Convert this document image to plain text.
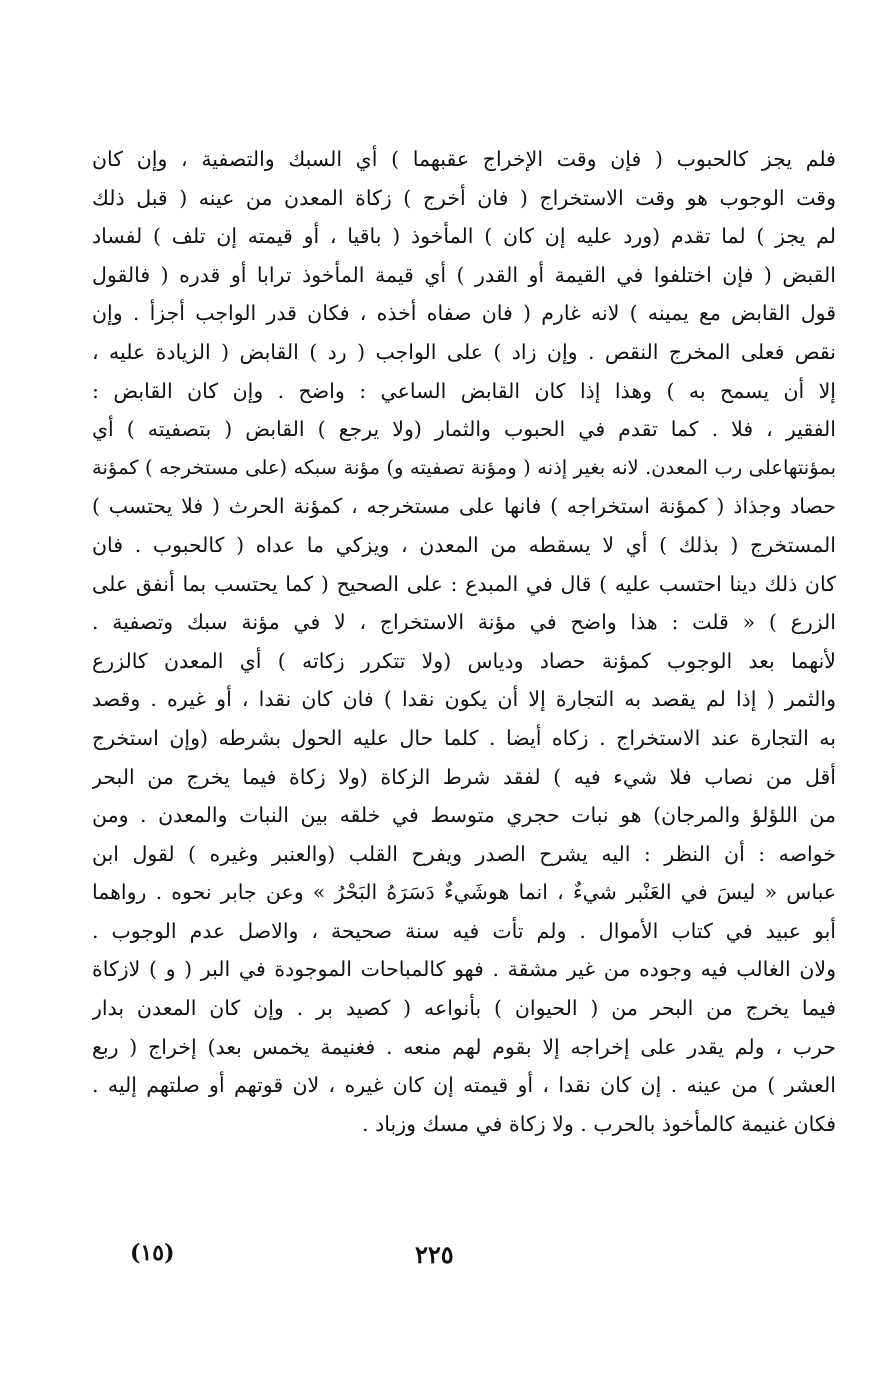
فلم يجز كالحبوب ( فإن وقت الإخراج عقبهما ) أي السبك والتصفية ، وإن كان
وقت الوجوب هو وقت الاستخراج ( فان أخرج ) زكاة المعدن من عينه ( قبل ذلك
لم يجز ) لما تقدم (ورد عليه إن كان ) المأخوذ ( باقيا ، أو قيمته إن تلف ) لفساد
القبض ( فإن اختلفوا في القيمة أو القدر ) أي قيمة المأخوذ ترابا أو قدره ( فالقول
قول القابض مع يمينه ) لانه غارم ( فان صفاه أخذه ، فكان قدر الواجب أجزأ . وإن
نقص فعلى المخرج النقص . وإن زاد ) على الواجب ( رد ) القابض ( الزيادة عليه ،
إلا أن يسمح به ) وهذا إذا كان القابض الساعي : واضح . وإن كان القابض :
الفقير ، فلا . كما تقدم في الحبوب والثمار (ولا يرجع ) القابض ( بتصفيته ) أي
بمؤنتهاعلى رب المعدن. لانه بغير إذنه ( ومؤنة تصفيته و) مؤنة سبكه (على مستخرجه ) كمؤنة
حصاد وجذاذ ( كمؤنة استخراجه ) فانها على مستخرجه ، كمؤنة الحرث ( فلا يحتسب )
المستخرج ( بذلك ) أي لا يسقطه من المعدن ، ويزكي ما عداه ( كالحبوب . فان
كان ذلك دينا احتسب عليه ) قال في المبدع : على الصحيح ( كما يحتسب بما أنفق على
الزرع ) « قلت : هذا واضح في مؤنة الاستخراج ، لا في مؤنة سبك وتصفية .
لأنهما بعد الوجوب كمؤنة حصاد ودياس (ولا تتكرر زكاته ) أي المعدن كالزرع
والثمر ( إذا لم يقصد به التجارة إلا أن يكون نقدا ) فان كان نقدا ، أو غيره . وقصد
به التجارة عند الاستخراج . زكاه أيضا . كلما حال عليه الحول بشرطه (وإن استخرج
أقل من نصاب فلا شيء فيه ) لفقد شرط الزكاة (ولا زكاة فيما يخرج من البحر
من اللؤلؤ والمرجان) هو نبات حجري متوسط في خلقه بين النبات والمعدن . ومن
خواصه : أن النظر : اليه يشرح الصدر ويفرح القلب (والعنبر وغيره ) لقول ابن
عباس « ليسَ في العَنْبر شيءٌ ، انما هوشَيءٌ دَسَرَهُ البَحْرُ » وعن جابر نحوه . رواهما
أبو عبيد في كتاب الأموال . ولم تأت فيه سنة صحيحة ، والاصل عدم الوجوب .
ولان الغالب فيه وجوده من غير مشقة . فهو كالمباحات الموجودة في البر ( و ) لازكاة
فيما يخرج من البحر من ( الحيوان ) بأنواعه ( كصيد بر . وإن كان المعدن بدار
حرب ، ولم يقدر على إخراجه إلا بقوم لهم منعه . فغنيمة يخمس بعد) إخراج ( ربع
العشر ) من عينه . إن كان نقدا ، أو قيمته إن كان غيره ، لان قوتهم أو صلتهم إليه .
فكان غنيمة كالمأخوذ بالحرب . ولا زكاة في مسك وزباد .
٢٢٥
(١٥)
